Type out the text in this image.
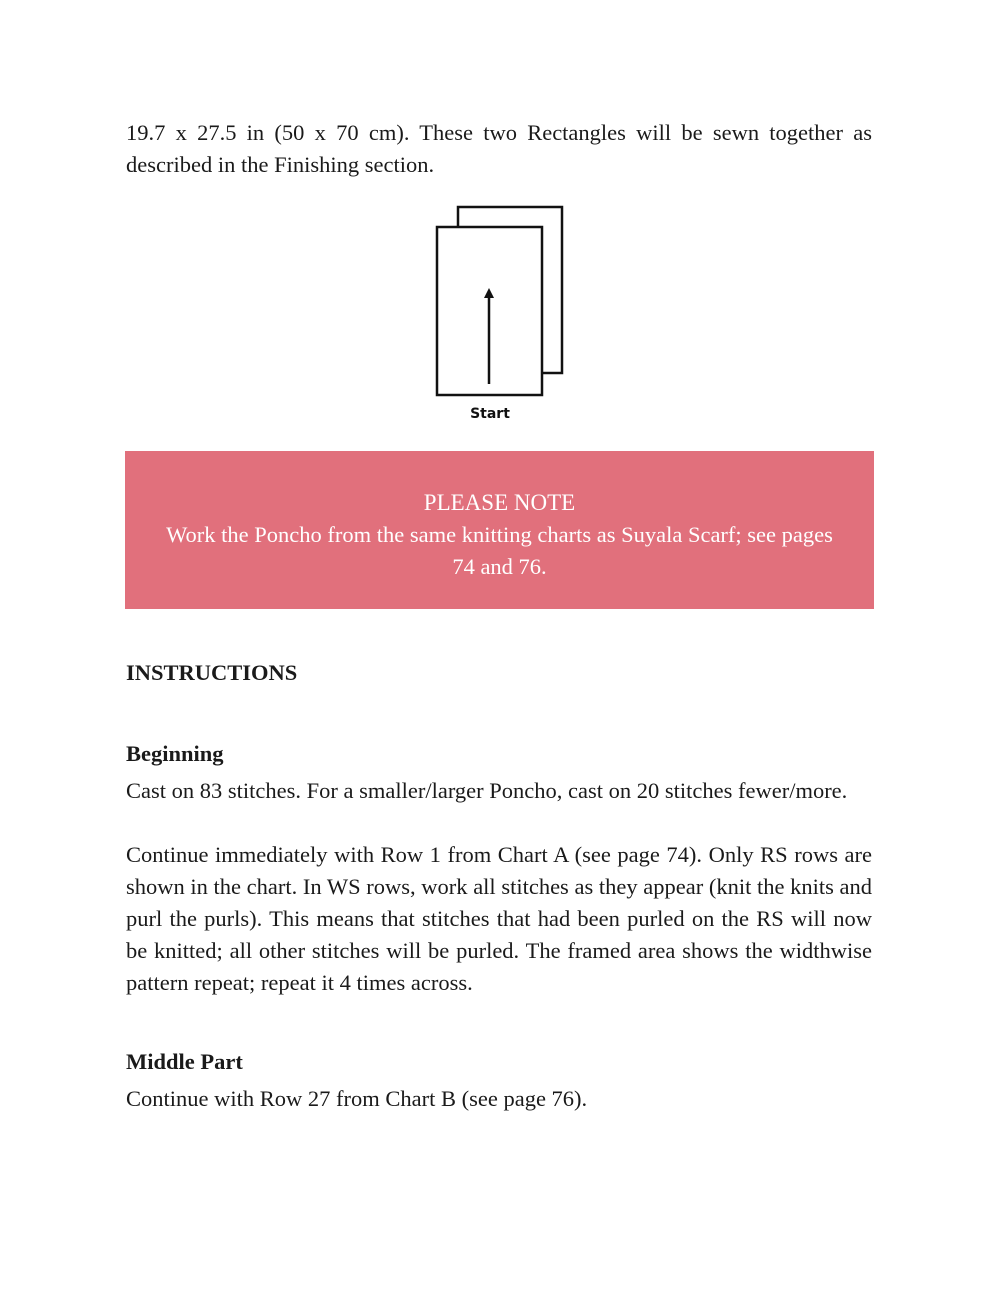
19.7 x 27.5 in (50 x 70 cm). These two Rectangles will be sewn together as described in the Finishing section.

Start

PLEASE NOTE

Work the Poncho from the same knitting charts as Suyala Scarf; see pages 74 and 76.

INSTRUCTIONS
Beginning

Cast on 83 stitches. For a smaller/larger Poncho, cast on 20 stitches fewer/more.

Continue immediately with Row 1 from Chart A (see page 74). Only RS rows are shown in the chart. In WS rows, work all stitches as they appear (knit the knits and purl the purls). This means that stitches that had been purled on the RS will now be knitted; all other stitches will be purled. The framed area shows the widthwise pattern repeat; repeat it 4 times across.

Middle Part

Continue with Row 27 from Chart B (see page 76).
